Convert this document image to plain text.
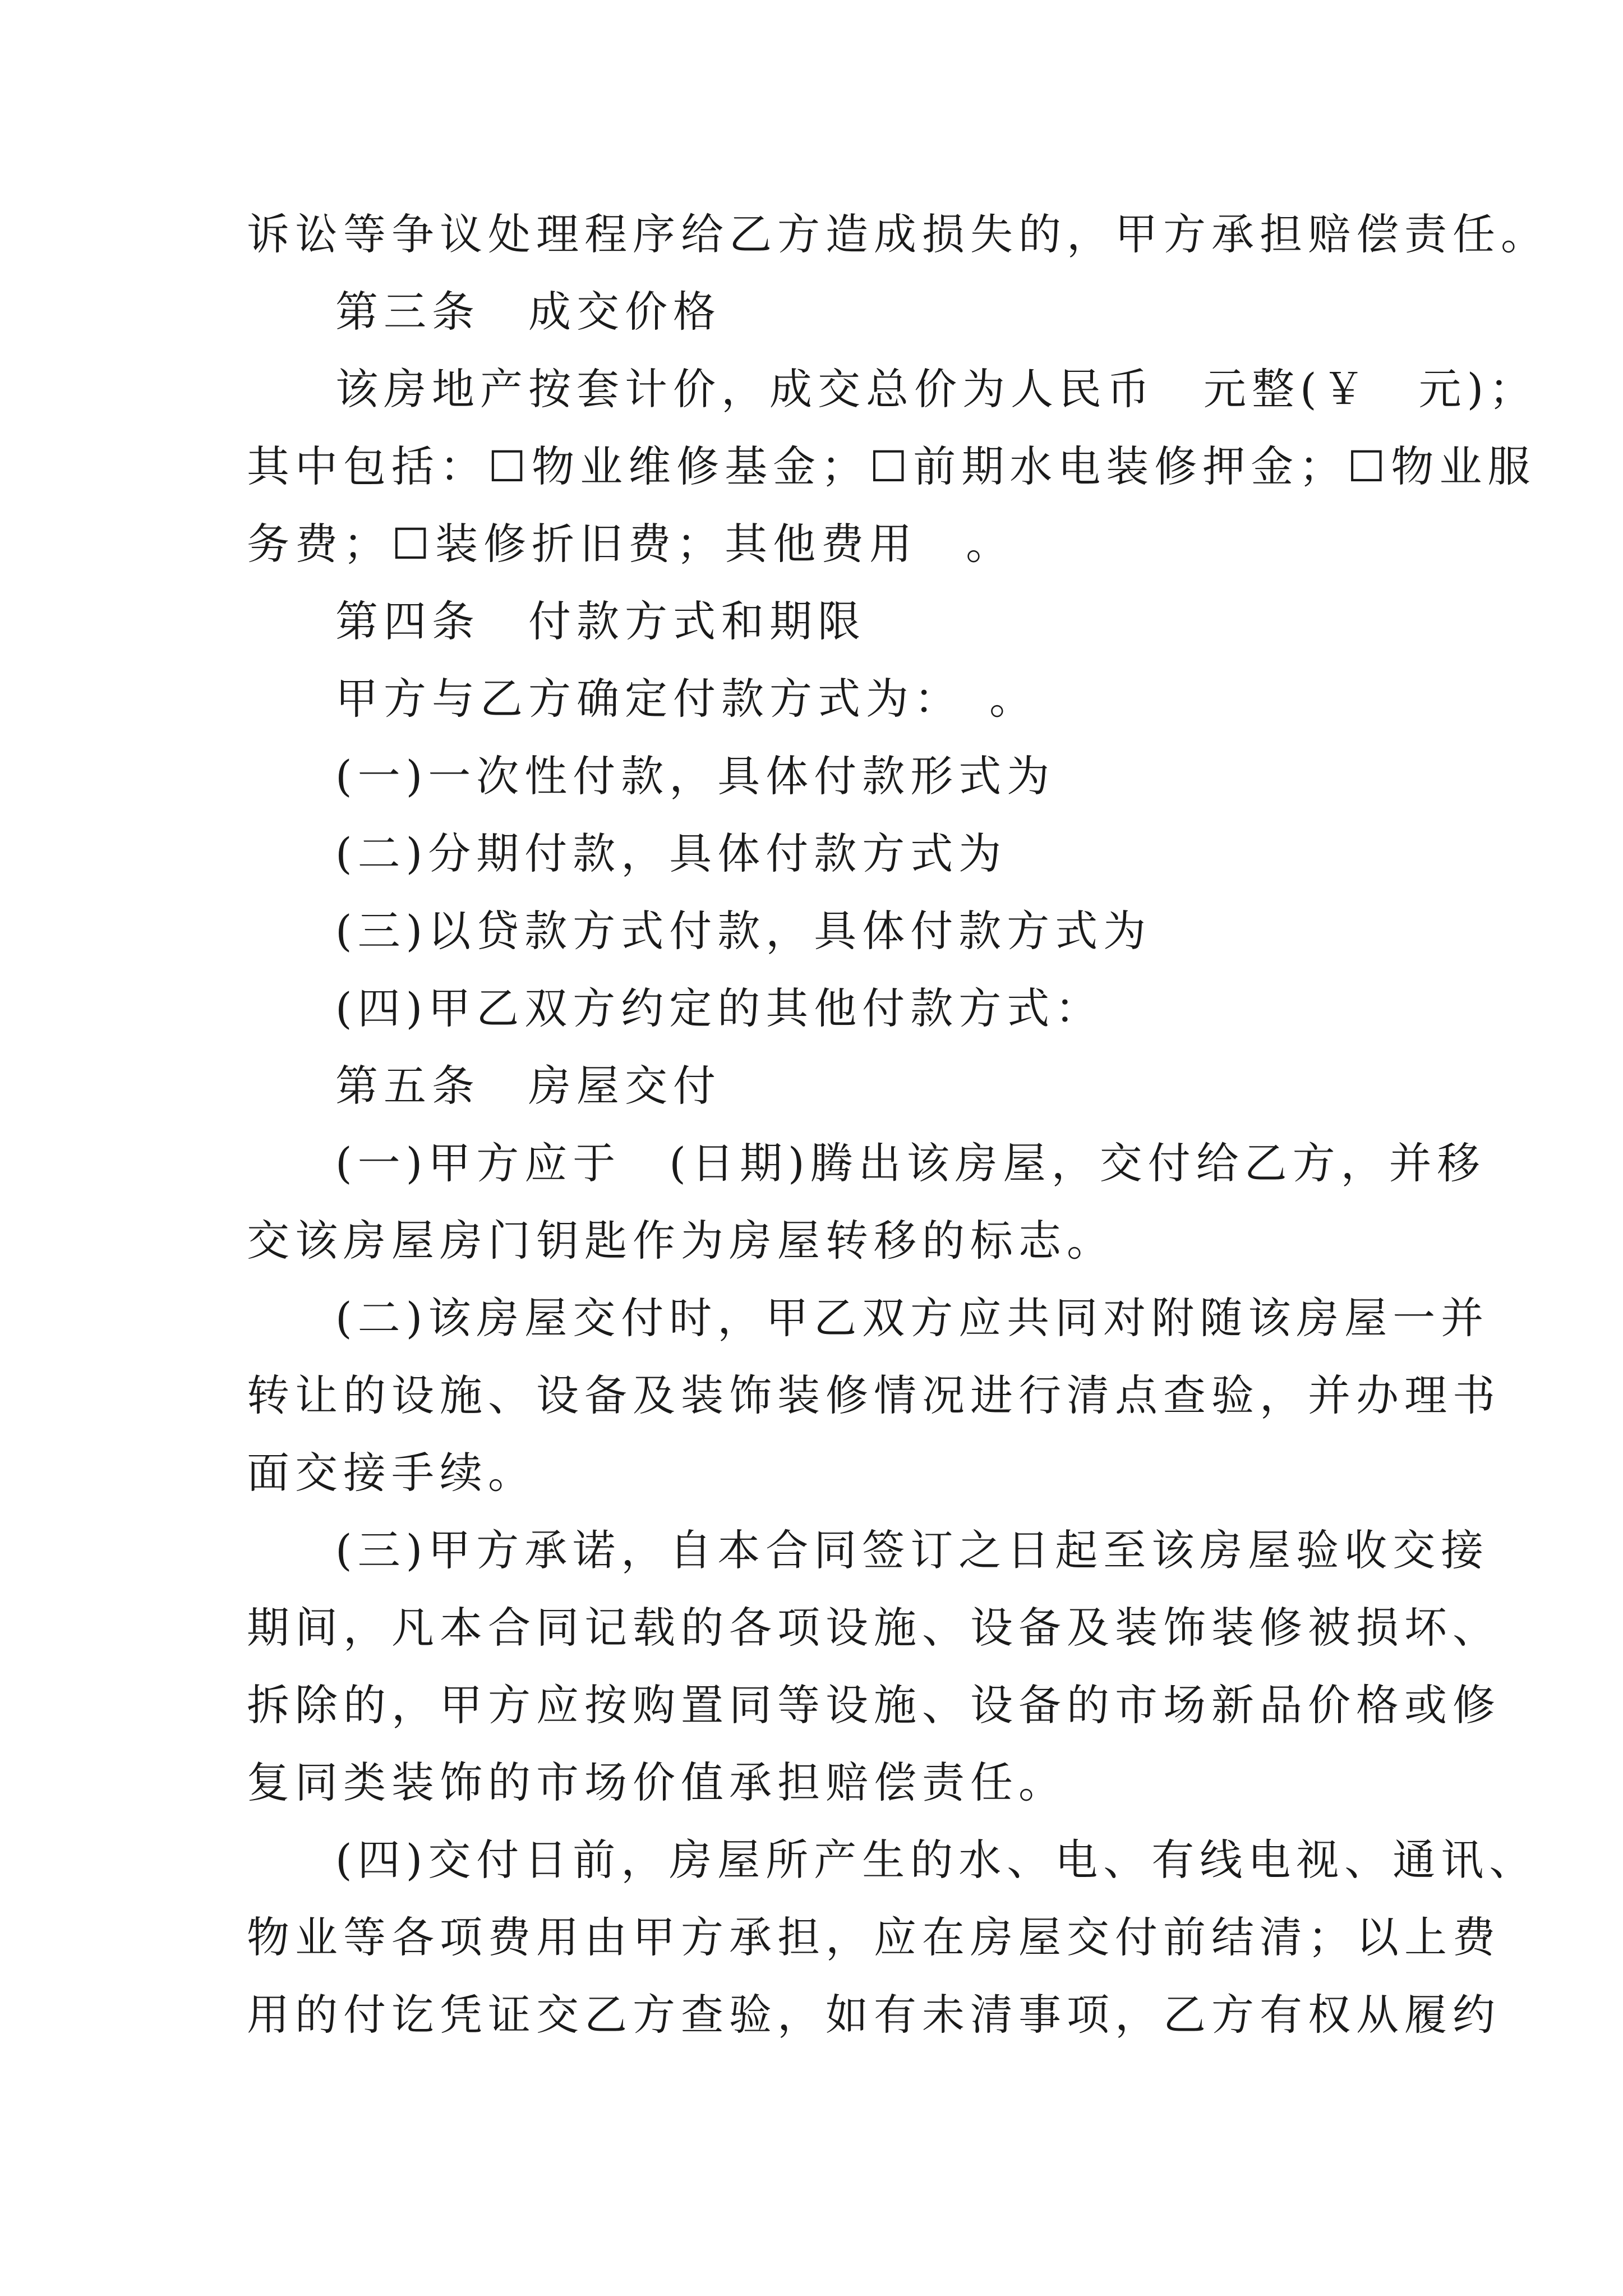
诉讼等争议处理程序给乙方造成损失的，甲方承担赔偿责任。
第三条　成交价格
该房地产按套计价，成交总价为人民币　元整(￥　元)；
其中包括：☐物业维修基金；☐前期水电装修押金；☐物业服
务费；☐装修折旧费；其他费用　。
第四条　付款方式和期限
甲方与乙方确定付款方式为：　。
(一)一次性付款，具体付款形式为
(二)分期付款，具体付款方式为
(三)以贷款方式付款，具体付款方式为
(四)甲乙双方约定的其他付款方式：
第五条　房屋交付
(一)甲方应于　(日期)腾出该房屋，交付给乙方，并移
交该房屋房门钥匙作为房屋转移的标志。
(二)该房屋交付时，甲乙双方应共同对附随该房屋一并
转让的设施、设备及装饰装修情况进行清点查验，并办理书
面交接手续。
(三)甲方承诺，自本合同签订之日起至该房屋验收交接
期间，凡本合同记载的各项设施、设备及装饰装修被损坏、
拆除的，甲方应按购置同等设施、设备的市场新品价格或修
复同类装饰的市场价值承担赔偿责任。
(四)交付日前，房屋所产生的水、电、有线电视、通讯、
物业等各项费用由甲方承担，应在房屋交付前结清；以上费
用的付讫凭证交乙方查验，如有未清事项，乙方有权从履约
